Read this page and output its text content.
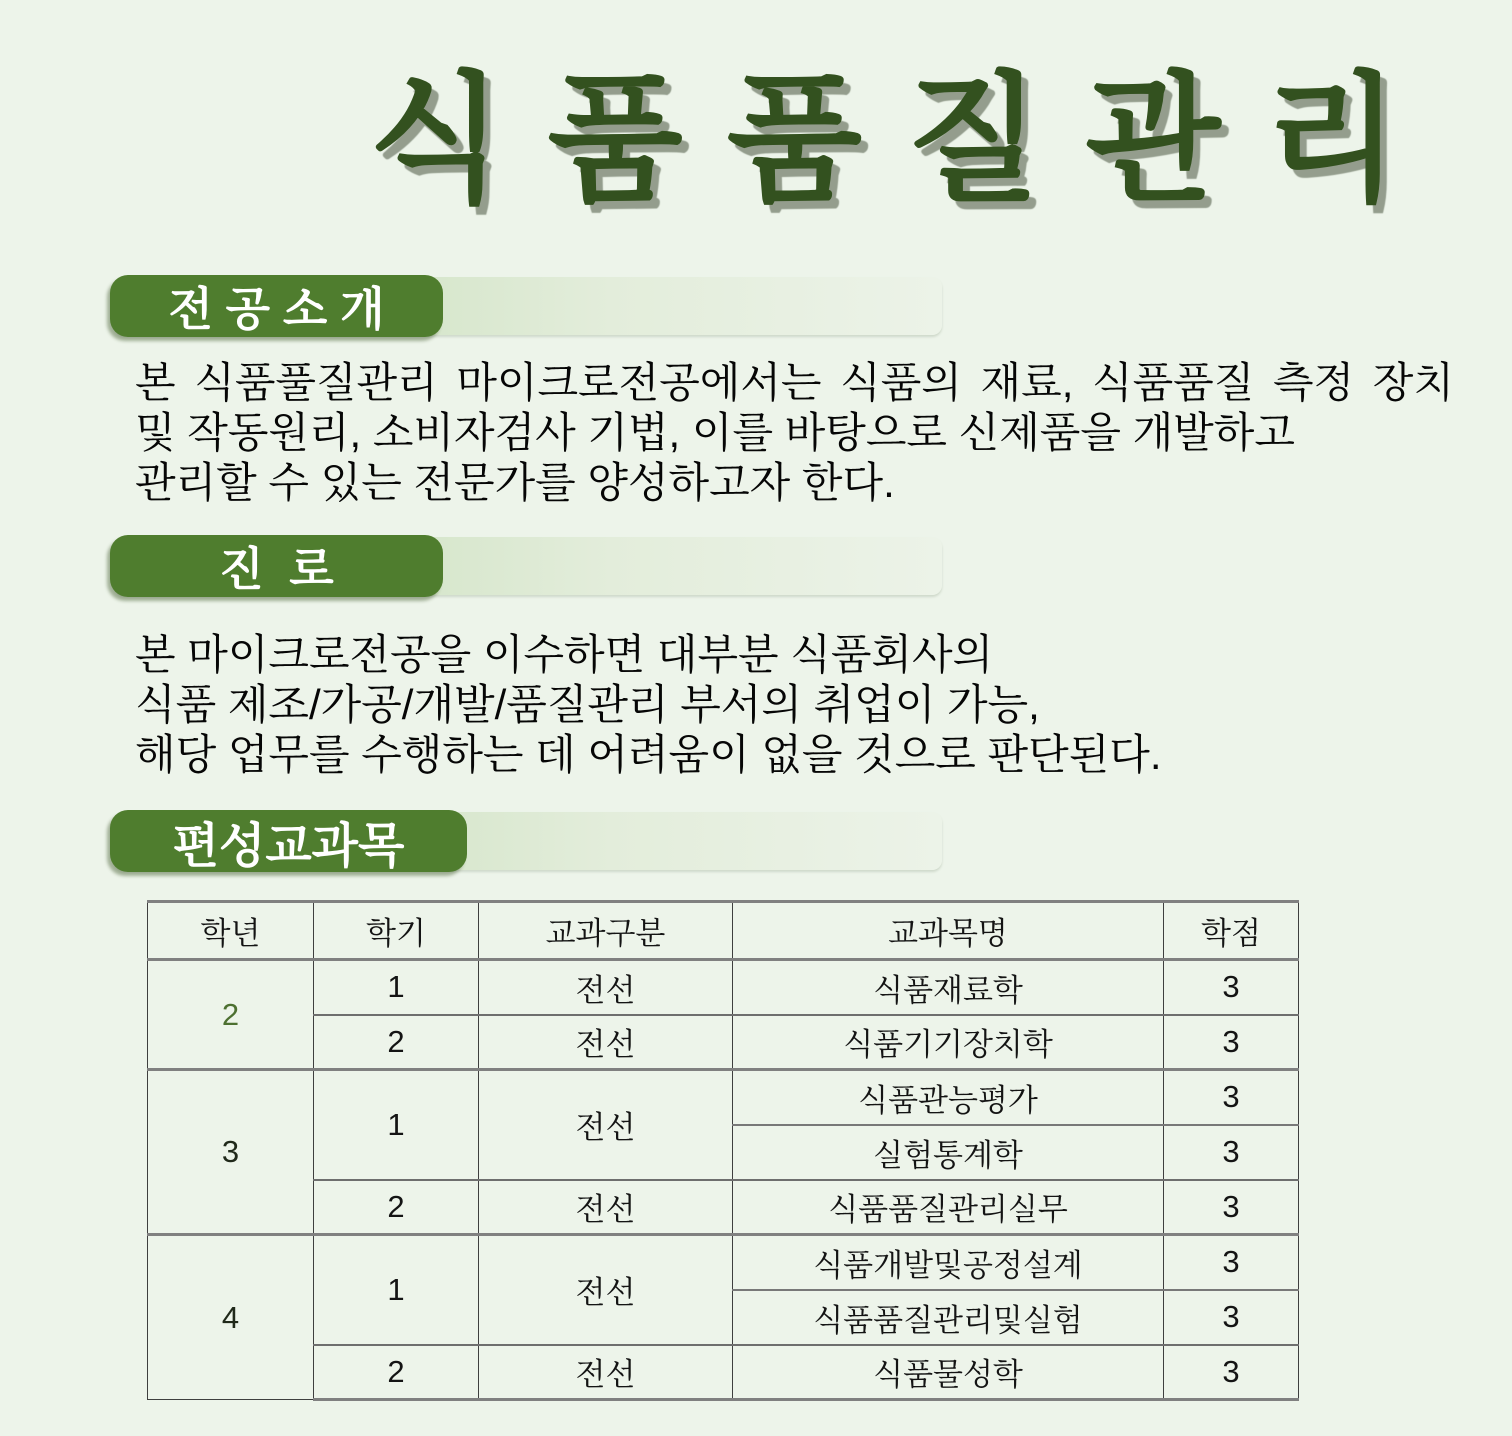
식품품질관리
전 공 소 개
본 식품풀질관리 마이크로전공에서는 식품의 재료, 식품품질 측정 장치
및 작동원리, 소비자검사 기법, 이를 바탕으로 신제품을 개발하고
관리할 수 있는 전문가를 양성하고자 한다.
진  로
본 마이크로전공을 이수하면 대부분 식품회사의
식품 제조/가공/개발/품질관리 부서의 취업이 가능,
해당 업무를 수행하는 데 어려움이 없을 것으로 판단된다.
편성교과목
학년	학기	교과구분	교과목명	학점
2	1	전선	식품재료학	3
	2	전선	식품기기장치학	3
3	1	전선	식품관능평가	3
			실험통계학	3
	2	전선	식품품질관리실무	3
4	1	전선	식품개발및공정설계	3
			식품품질관리및실험	3
	2	전선	식품물성학	3
